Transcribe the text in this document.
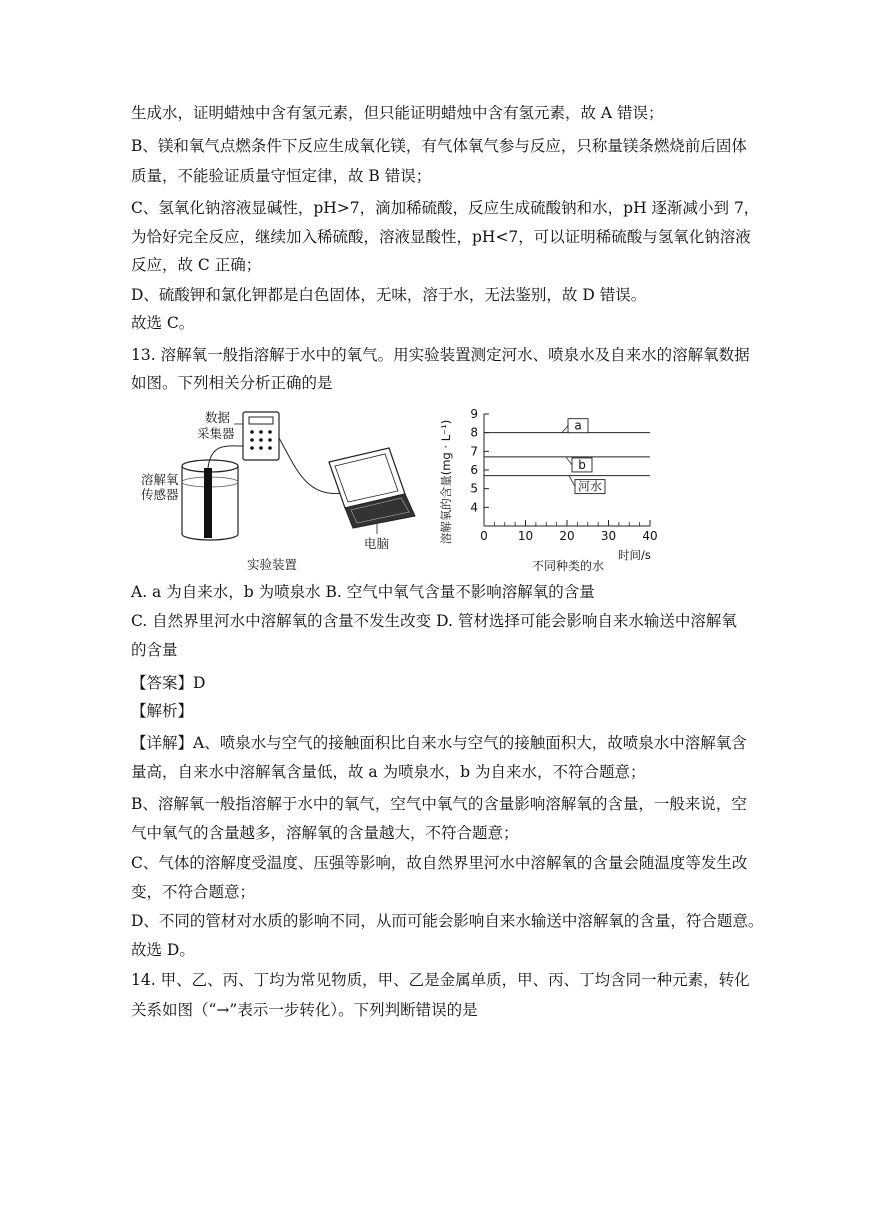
生成水，证明蜡烛中含有氢元素，但只能证明蜡烛中含有氢元素，故 A 错误；
B、镁和氧气点燃条件下反应生成氧化镁，有气体氧气参与反应，只称量镁条燃烧前后固体
质量，不能验证质量守恒定律，故 B 错误；
C、氢氧化钠溶液显碱性，pH>7，滴加稀硫酸，反应生成硫酸钠和水，pH 逐渐减小到 7，
为恰好完全反应，继续加入稀硫酸，溶液显酸性，pH<7，可以证明稀硫酸与氢氧化钠溶液
反应，故 C 正确；
D、硫酸钾和氯化钾都是白色固体，无味，溶于水，无法鉴别，故 D 错误。
故选 C。
13. 溶解氧一般指溶解于水中的氧气。用实验装置测定河水、喷泉水及自来水的溶解氧数据
如图。下列相关分析正确的是
A. a 为自来水，b 为喷泉水 B. 空气中氧气含量不影响溶解氧的含量
C. 自然界里河水中溶解氧的含量不发生改变 D. 管材选择可能会影响自来水输送中溶解氧
的含量
【答案】D
【解析】
【详解】A、喷泉水与空气的接触面积比自来水与空气的接触面积大，故喷泉水中溶解氧含
量高，自来水中溶解氧含量低，故 a 为喷泉水，b 为自来水，不符合题意；
B、溶解氧一般指溶解于水中的氧气，空气中氧气的含量影响溶解氧的含量，一般来说，空
气中氧气的含量越多，溶解氧的含量越大，不符合题意；
C、气体的溶解度受温度、压强等影响，故自然界里河水中溶解氧的含量会随温度等发生改
变，不符合题意；
D、不同的管材对水质的影响不同，从而可能会影响自来水输送中溶解氧的含量，符合题意。
故选 D。
14. 甲、乙、丙、丁均为常见物质，甲、乙是金属单质，甲、丙、丁均含同一种元素，转化
关系如图（“→”表示一步转化）。下列判断错误的是
数据
采集器
溶解氧
传感器
电脑
实验装置
0	10 20 30 40
4
5
6
7
8
9
a
b
河水
溶解氧的含量(mg · L⁻¹)
时间/s
不同种类的水
